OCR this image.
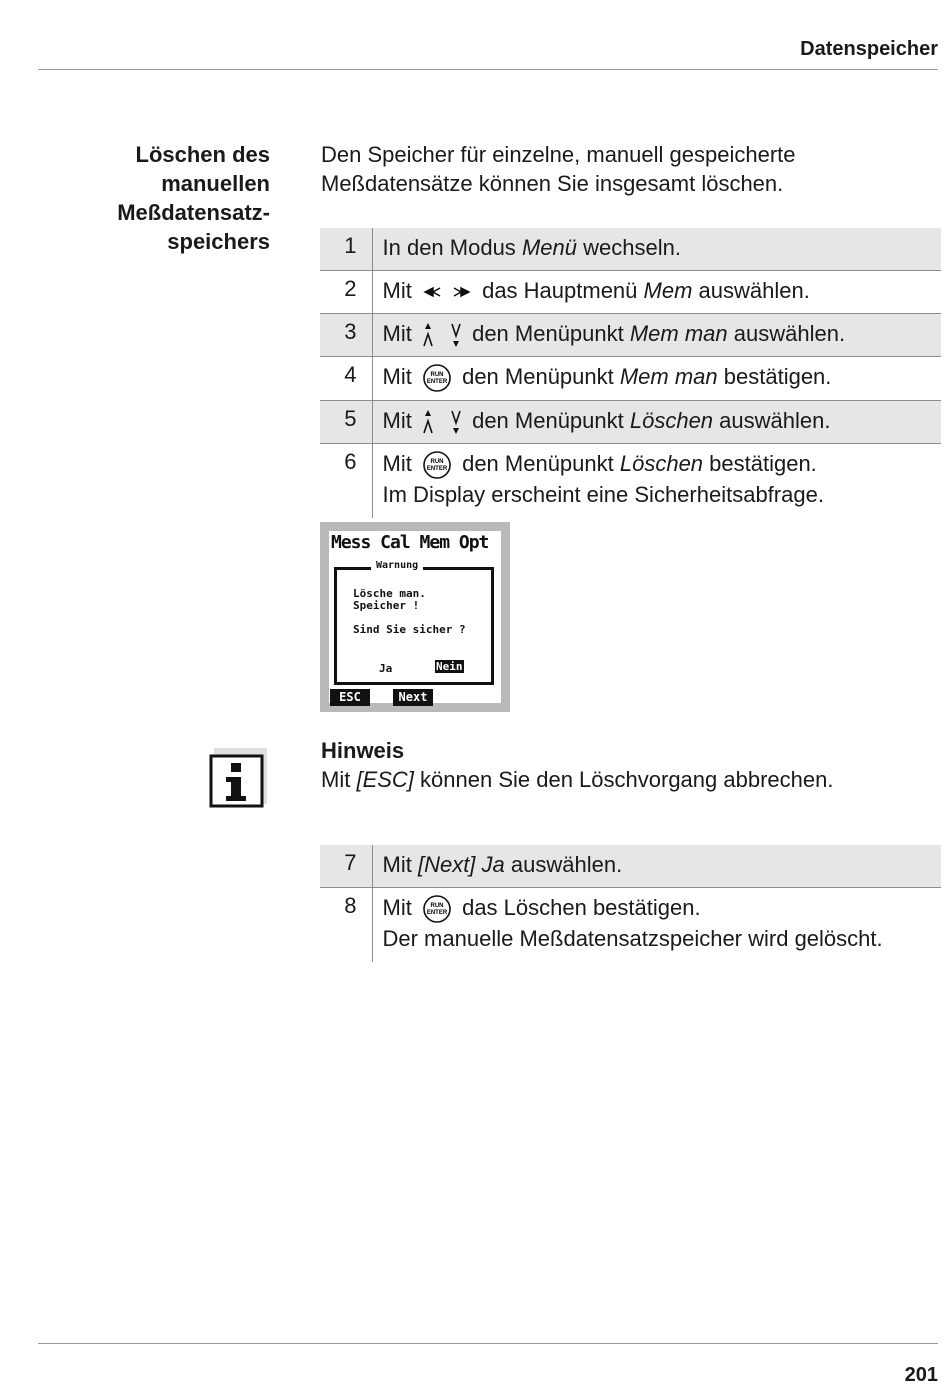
Datenspeicher
Löschen des
manuellen
Meßdatensatz-
speichers
Den Speicher für einzelne, manuell gespeicherte
Meßdatensätze können Sie insgesamt löschen.
1	In den Modus Menü wechseln.
2	Mit das Hauptmenü Mem auswählen.
3	Mit den Menüpunkt Mem man auswählen.
4	Mit RUN
ENTER den Menüpunkt Mem man bestätigen.
5	Mit den Menüpunkt Löschen auswählen.
6	Mit RUN
ENTER den Menüpunkt Löschen bestätigen.
Im Display erscheint eine Sicherheitsabfrage.
Mess Cal Mem Opt
Warnung
Lösche man.
Speicher !
Sind Sie sicher ?
Ja	Nein
ESC	Next
Hinweis
Mit [ESC] können Sie den Löschvorgang abbrechen.
7	Mit [Next] Ja auswählen.
8	Mit RUN
ENTER das Löschen bestätigen.
Der manuelle Meßdatensatzspeicher wird gelöscht.
201
